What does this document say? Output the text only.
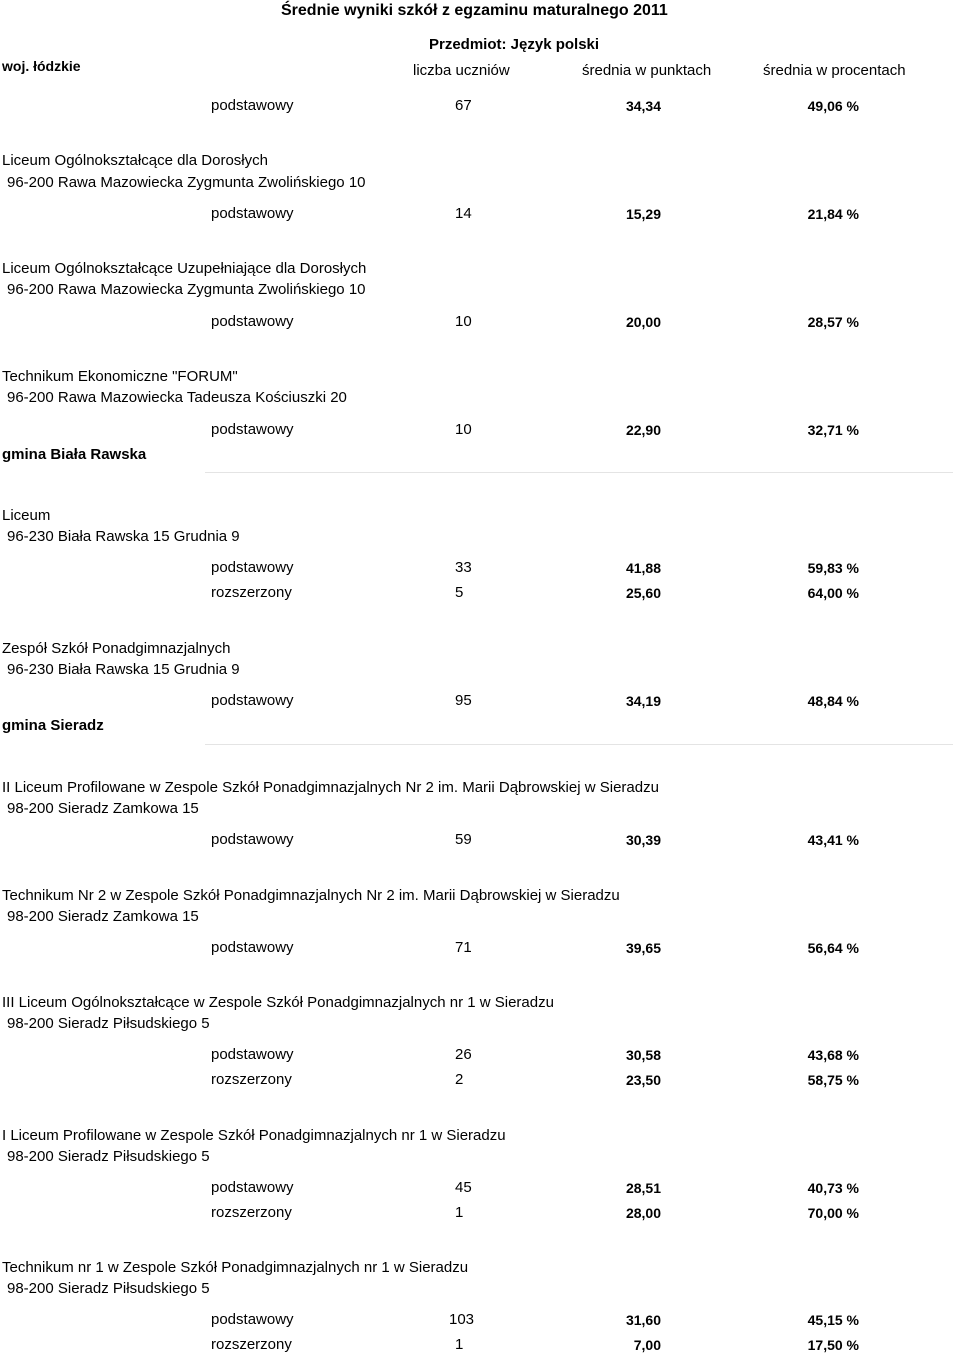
Średnie wyniki szkół z egzaminu maturalnego 2011
Przedmiot: Język polski
woj. łódzkie	liczba uczniów	średnia w punktach	średnia w procentach
podstawowy	67	34,34	49,06 %
Liceum Ogólnokształcące dla Dorosłych
96-200 Rawa Mazowiecka Zygmunta Zwolińskiego 10
podstawowy	14	15,29	21,84 %
Liceum Ogólnokształcące Uzupełniające dla Dorosłych
96-200 Rawa Mazowiecka Zygmunta Zwolińskiego 10
podstawowy	10	20,00	28,57 %
Technikum Ekonomiczne "FORUM"
96-200 Rawa Mazowiecka Tadeusza Kościuszki 20
podstawowy	10	22,90	32,71 %
gmina Biała Rawska
Liceum
96-230 Biała Rawska 15 Grudnia 9
podstawowy	33	41,88	59,83 %
rozszerzony	5	25,60	64,00 %
Zespół Szkół Ponadgimnazjalnych
96-230 Biała Rawska 15 Grudnia 9
podstawowy	95	34,19	48,84 %
gmina Sieradz
II Liceum Profilowane w Zespole Szkół Ponadgimnazjalnych Nr 2 im. Marii Dąbrowskiej w Sieradzu
98-200 Sieradz Zamkowa 15
podstawowy	59	30,39	43,41 %
Technikum Nr 2 w Zespole Szkół Ponadgimnazjalnych Nr 2 im. Marii Dąbrowskiej w Sieradzu
98-200 Sieradz Zamkowa 15
podstawowy	71	39,65	56,64 %
III Liceum Ogólnokształcące w Zespole Szkół Ponadgimnazjalnych nr 1 w Sieradzu
98-200 Sieradz Piłsudskiego 5
podstawowy	26	30,58	43,68 %
rozszerzony	2	23,50	58,75 %
I Liceum Profilowane w Zespole Szkół Ponadgimnazjalnych nr 1 w Sieradzu
98-200 Sieradz Piłsudskiego 5
podstawowy	45	28,51	40,73 %
rozszerzony	1	28,00	70,00 %
Technikum nr 1 w Zespole Szkół Ponadgimnazjalnych nr 1 w Sieradzu
98-200 Sieradz Piłsudskiego 5
podstawowy	103	31,60	45,15 %
rozszerzony	1	7,00	17,50 %
